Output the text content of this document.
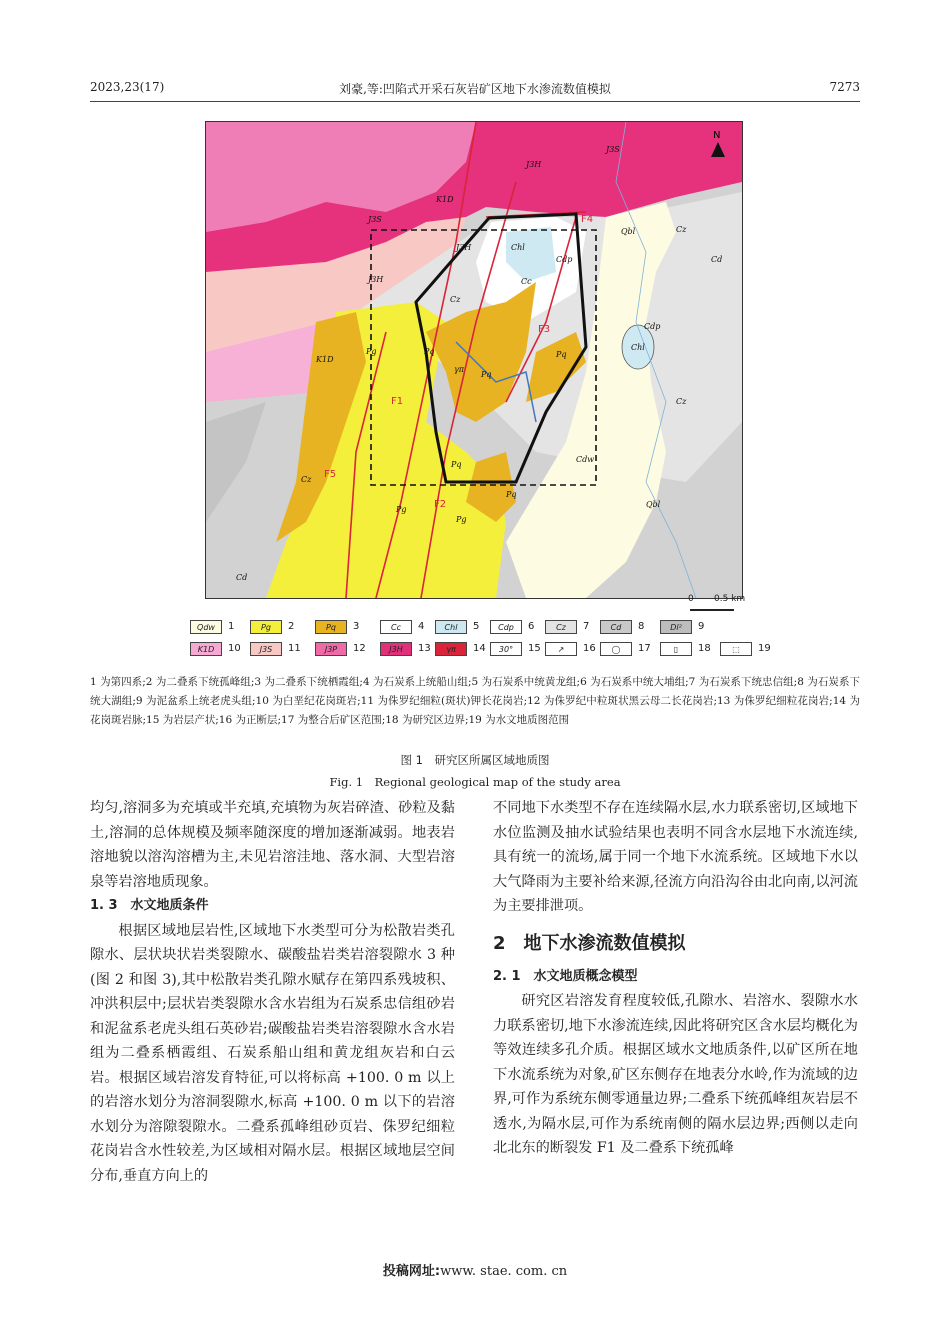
2023,23(17)	刘豪,等:凹陷式开采石灰岩矿区地下水渗流数值模拟	7273
N
J3H
J3S
K1D
J3S
J3H
J3H
K1D
Cz
Cz
Cd
Cz
Cd
Cz
Pg	Pq
Pq
Pq
Pq
Pq
Pg
Pg
Cc
Chl
Chl
Cdp
Cdp
Qbl
Qbl
Cdw
γπ
F1
F2
F3
F4
F5
0 0.5 km
Qdw	1	Pg	2	Pq	3	Cc	4	Chl	5	Cdp	6	Cz	7	Cd	8	Dl²	9
K1D	10	J3S	11	J3P	12	J3H	13	γπ	14	30°	15	↗	16	◯	17	▯	18	⬚	19
1 为第四系;2 为二叠系下统孤峰组;3 为二叠系下统栖霞组;4 为石炭系上统船山组;5 为石炭系中统黄龙组;6 为石炭系中统大埔组;7 为石炭系下统忠信组;8 为石炭系下统大湖组;9 为泥盆系上统老虎头组;10 为白垩纪花岗斑岩;11 为侏罗纪细粒(斑状)钾长花岗岩;12 为侏罗纪中粒斑状黑云母二长花岗岩;13 为侏罗纪细粒花岗岩;14 为花岗斑岩脉;15 为岩层产状;16 为正断层;17 为整合后矿区范围;18 为研究区边界;19 为水文地质图范围
图 1　研究区所属区域地质图
Fig. 1　Regional geological map of the study area

均匀,溶洞多为充填或半充填,充填物为灰岩碎渣、砂粒及黏土,溶洞的总体规模及频率随深度的增加逐渐减弱。地表岩溶地貌以溶沟溶槽为主,未见岩溶洼地、落水洞、大型岩溶泉等岩溶地质现象。

1. 3　水文地质条件

根据区域地层岩性,区域地下水类型可分为松散岩类孔隙水、层状块状岩类裂隙水、碳酸盐岩类岩溶裂隙水 3 种(图 2 和图 3),其中松散岩类孔隙水赋存在第四系残坡积、冲洪积层中;层状岩类裂隙水含水岩组为石炭系忠信组砂岩和泥盆系老虎头组石英砂岩;碳酸盐岩类岩溶裂隙水含水岩组为二叠系栖霞组、石炭系船山组和黄龙组灰岩和白云岩。根据区域岩溶发育特征,可以将标高 +100. 0 m 以上的岩溶水划分为溶洞裂隙水,标高 +100. 0 m 以下的岩溶水划分为溶隙裂隙水。二叠系孤峰组砂页岩、侏罗纪细粒花岗岩含水性较差,为区域相对隔水层。根据区域地层空间分布,垂直方向上的

不同地下水类型不存在连续隔水层,水力联系密切,区域地下水位监测及抽水试验结果也表明不同含水层地下水流连续,具有统一的流场,属于同一个地下水流系统。区域地下水以大气降雨为主要补给来源,径流方向沿沟谷由北向南,以河流为主要排泄项。

2　地下水渗流数值模拟

2. 1　水文地质概念模型

研究区岩溶发育程度较低,孔隙水、岩溶水、裂隙水水力联系密切,地下水渗流连续,因此将研究区含水层均概化为等效连续多孔介质。根据区域水文地质条件,以矿区所在地下水流系统为对象,矿区东侧存在地表分水岭,作为流域的边界,可作为系统东侧零通量边界;二叠系下统孤峰组灰岩层不透水,为隔水层,可作为系统南侧的隔水层边界;西侧以走向北北东的断裂发 F1 及二叠系下统孤峰

投稿网址:www. stae. com. cn
